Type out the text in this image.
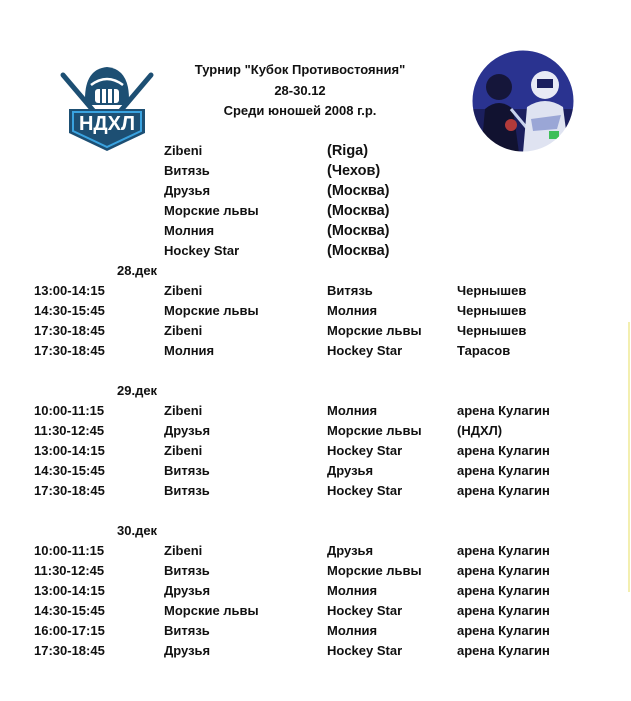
НДХЛ
Турнир "Кубок Противостояния"
28-30.12
Среди юношей 2008 г.р.
Zibeni	(Riga)
Витязь	(Чехов)
Друзья	(Москва)
Морские львы	(Москва)
Молния	(Москва)
Hockey Star	(Москва)
28.дек
13:00-14:15	Zibeni	Витязь	Чернышев
14:30-15:45	Морские львы	Молния	Чернышев
17:30-18:45	Zibeni	Морские львы	Чернышев
17:30-18:45	Молния	Hockey Star	Тарасов
29.дек
10:00-11:15	Zibeni	Молния	арена Кулагин
11:30-12:45	Друзья	Морские львы	(НДХЛ)
13:00-14:15	Zibeni	Hockey Star	арена Кулагин
14:30-15:45	Витязь	Друзья	арена Кулагин
17:30-18:45	Витязь	Hockey Star	арена Кулагин
30.дек
10:00-11:15	Zibeni	Друзья	арена Кулагин
11:30-12:45	Витязь	Морские львы	арена Кулагин
13:00-14:15	Друзья	Молния	арена Кулагин
14:30-15:45	Морские львы	Hockey Star	арена Кулагин
16:00-17:15	Витязь	Молния	арена Кулагин
17:30-18:45	Друзья	Hockey Star	арена Кулагин
